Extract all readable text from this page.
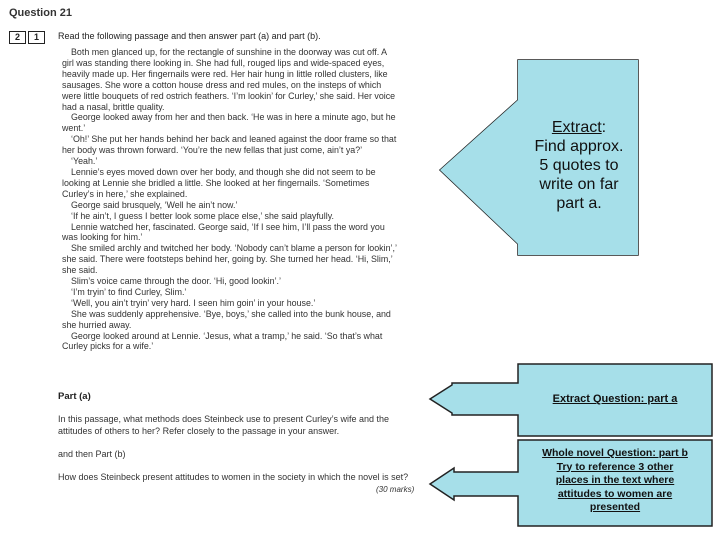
Question 21
2	1	Read the following passage and then answer part (a) and part (b).
Both men glanced up, for the rectangle of sunshine in the doorway was cut off. A
girl was standing there looking in. She had full, rouged lips and wide-spaced eyes,
heavily made up. Her fingernails were red. Her hair hung in little rolled clusters, like
sausages. She wore a cotton house dress and red mules, on the insteps of which
were little bouquets of red ostrich feathers. ‘I’m lookin’ for Curley,’ she said. Her voice
had a nasal, brittle quality.
George looked away from her and then back. ‘He was in here a minute ago, but he
went.’
‘Oh!’ She put her hands behind her back and leaned against the door frame so that
her body was thrown forward. ‘You’re the new fellas that just come, ain’t ya?’
‘Yeah.’
Lennie’s eyes moved down over her body, and though she did not seem to be
looking at Lennie she bridled a little. She looked at her fingernails. ‘Sometimes
Curley’s in here,’ she explained.
George said brusquely, ‘Well he ain’t now.’
‘If he ain’t, I guess I better look some place else,’ she said playfully.
Lennie watched her, fascinated. George said, ‘If I see him, I’ll pass the word you
was looking for him.’
She smiled archly and twitched her body. ‘Nobody can’t blame a person for lookin’,’
she said. There were footsteps behind her, going by. She turned her head. ‘Hi, Slim,’
she said.
Slim’s voice came through the door. ‘Hi, good lookin’.’
‘I’m tryin’ to find Curley, Slim.’
‘Well, you ain’t tryin’ very hard. I seen him goin’ in your house.’
She was suddenly apprehensive. ‘Bye, boys,’ she called into the bunk house, and
she hurried away.
George looked around at Lennie. ‘Jesus, what a tramp,’ he said. ‘So that’s what
Curley picks for a wife.’
Part (a)
In this passage, what methods does Steinbeck use to present Curley’s wife and the
attitudes of others to her? Refer closely to the passage in your answer.
and then Part (b)
How does Steinbeck present attitudes to women in the society in which the novel is set?
(30 marks)
Extract:
Find approx.
5 quotes to
write on far
part a.
Extract Question: part a
Whole novel Question: part b
Try to reference 3 other
places in the text where
attitudes to women are
presented
